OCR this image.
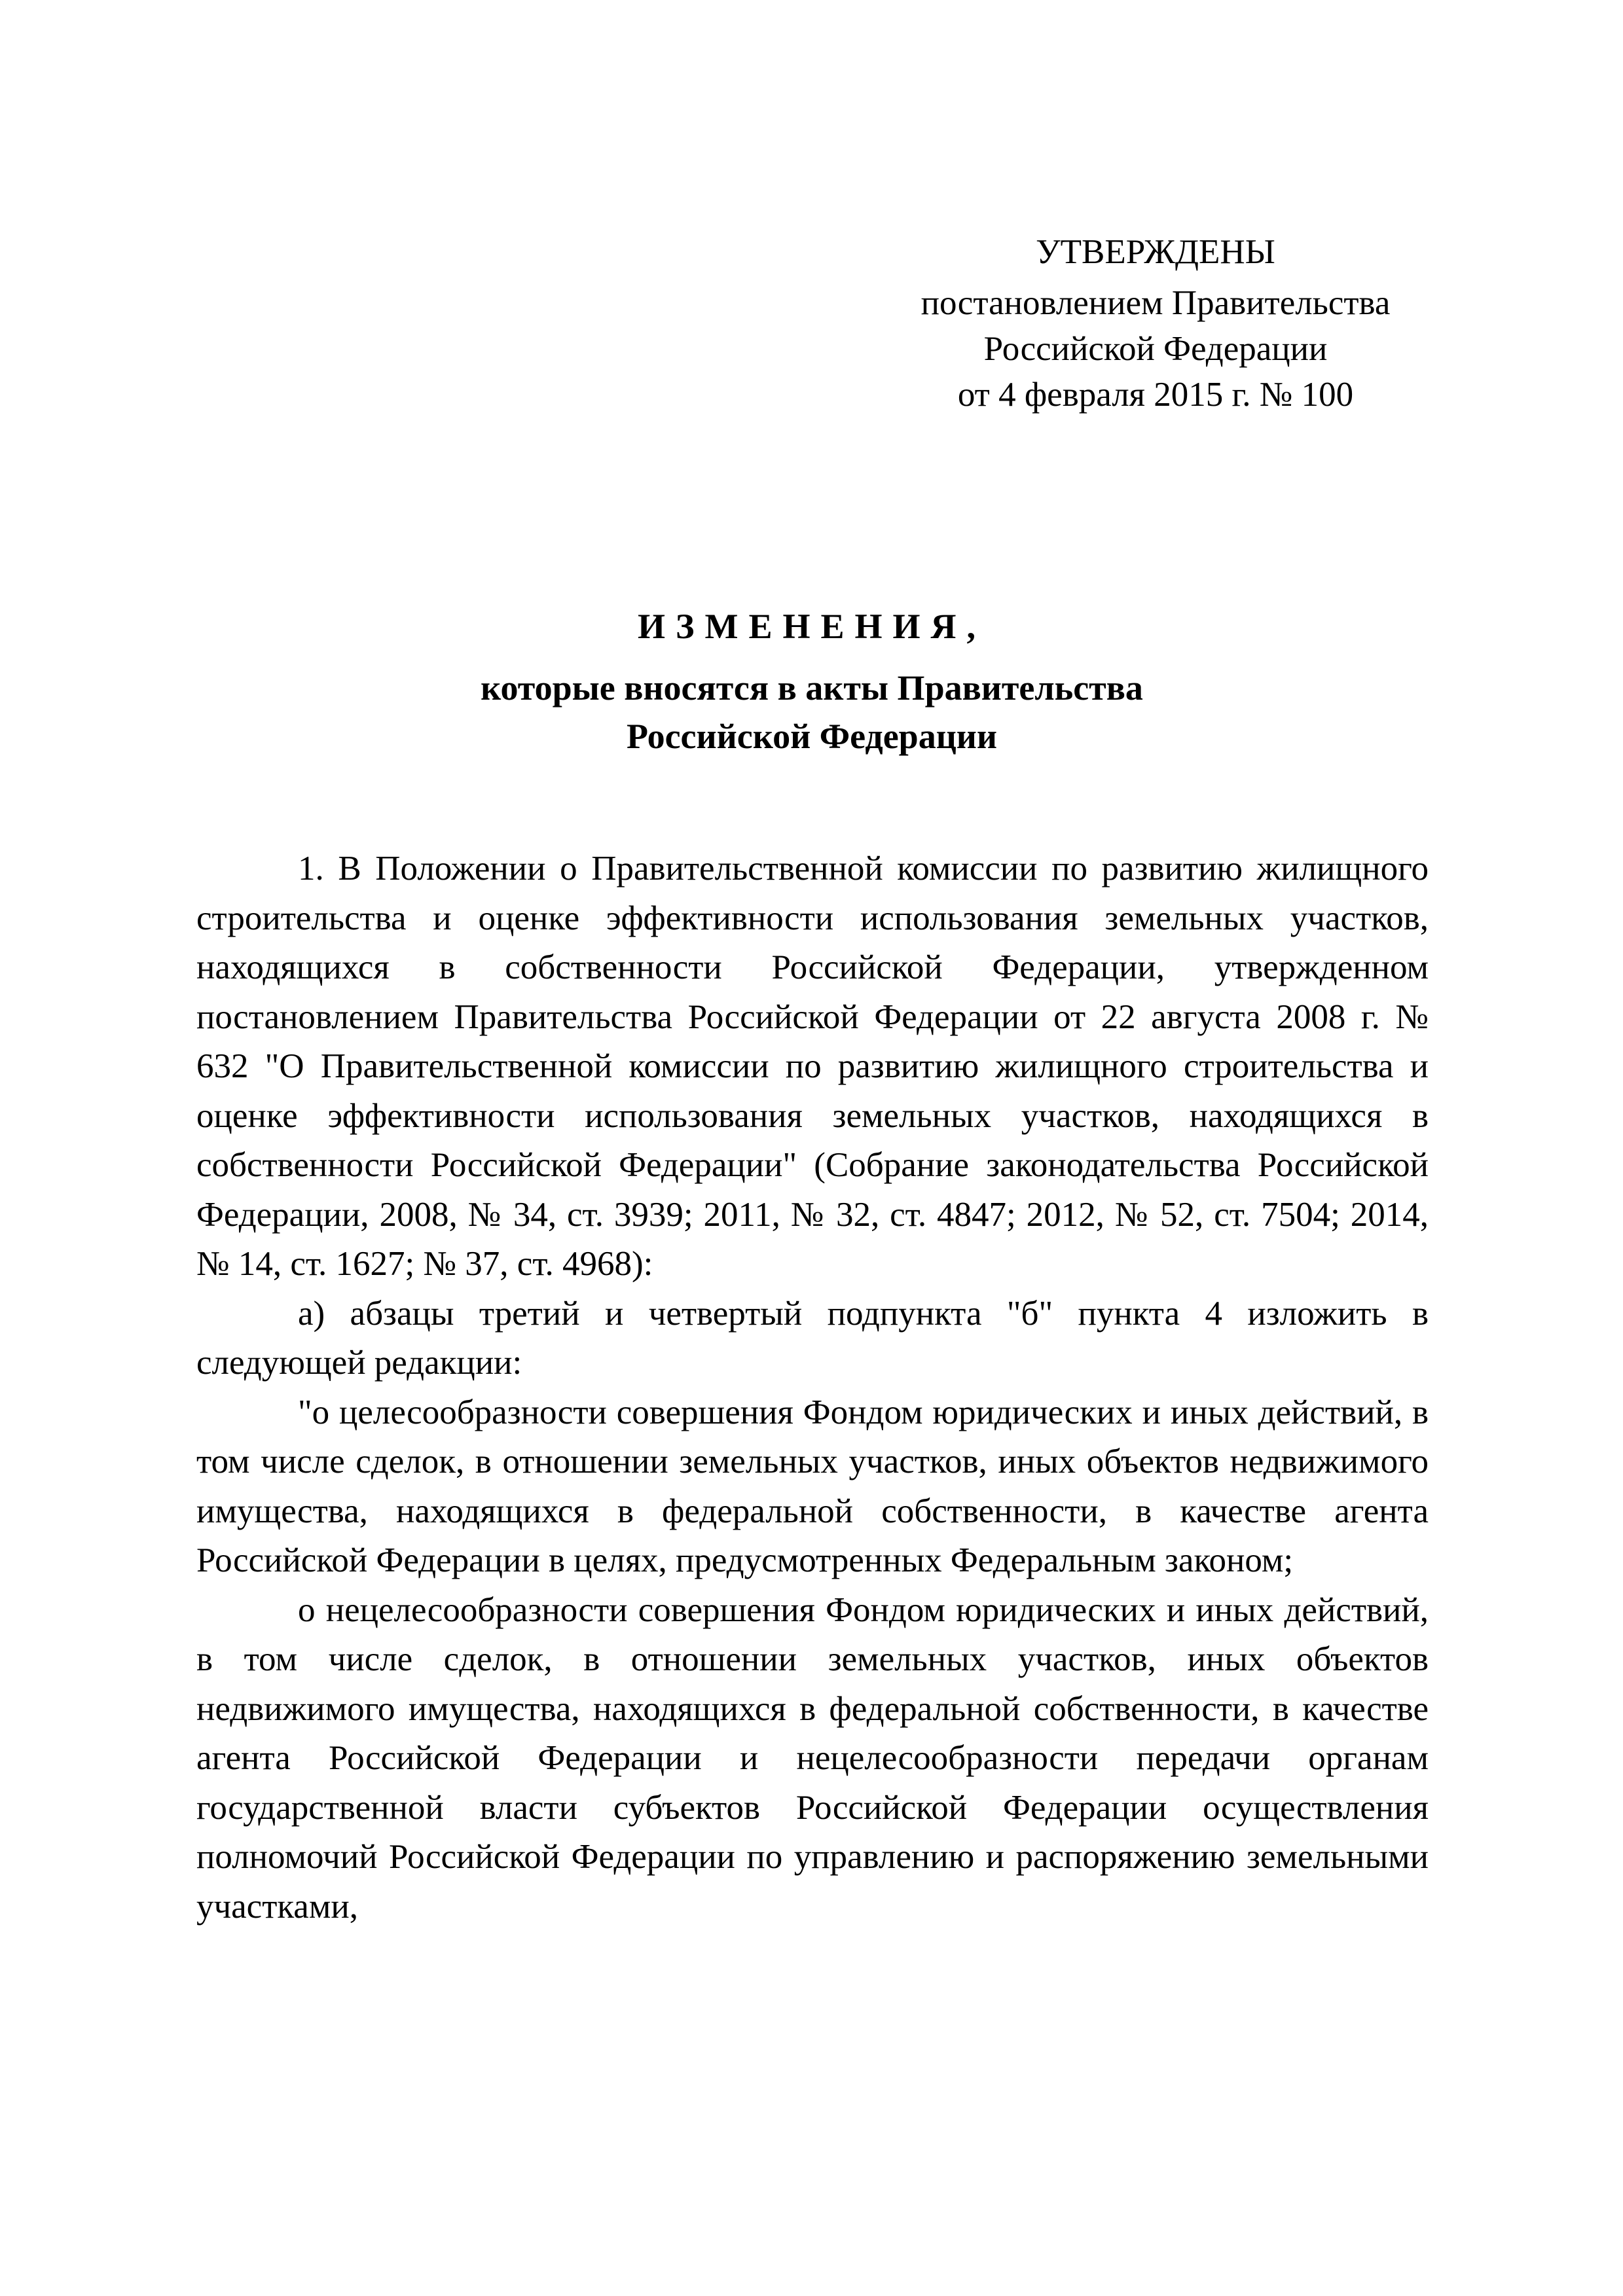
УТВЕРЖДЕНЫ
постановлением Правительства
Российской Федерации
от 4 февраля 2015 г. № 100
ИЗМЕНЕНИЯ,
которые вносятся в акты Правительства
Российской Федерации

1. В Положении о Правительственной комиссии по развитию жилищного строительства и оценке эффективности использования земельных участков, находящихся в собственности Российской Федерации, утвержденном постановлением Правительства Российской Федерации от 22 августа 2008 г. № 632 "О Правительственной комиссии по развитию жилищного строительства и оценке эффективности использования земельных участков, находящихся в собственности Российской Федерации" (Собрание законодательства Российской Федерации, 2008, № 34, ст. 3939; 2011, № 32, ст. 4847; 2012, № 52, ст. 7504; 2014, № 14, ст. 1627; № 37, ст. 4968):

а) абзацы третий и четвертый подпункта "б" пункта 4 изложить в следующей редакции:

"о целесообразности совершения Фондом юридических и иных действий, в том числе сделок, в отношении земельных участков, иных объектов недвижимого имущества, находящихся в федеральной собственности, в качестве агента Российской Федерации в целях, предусмотренных Федеральным законом;

о нецелесообразности совершения Фондом юридических и иных действий, в том числе сделок, в отношении земельных участков, иных объектов недвижимого имущества, находящихся в федеральной собственности, в качестве агента Российской Федерации и нецелесообразности передачи органам государственной власти субъектов Российской Федерации осуществления полномочий Российской Федерации по управлению и распоряжению земельными участками,
